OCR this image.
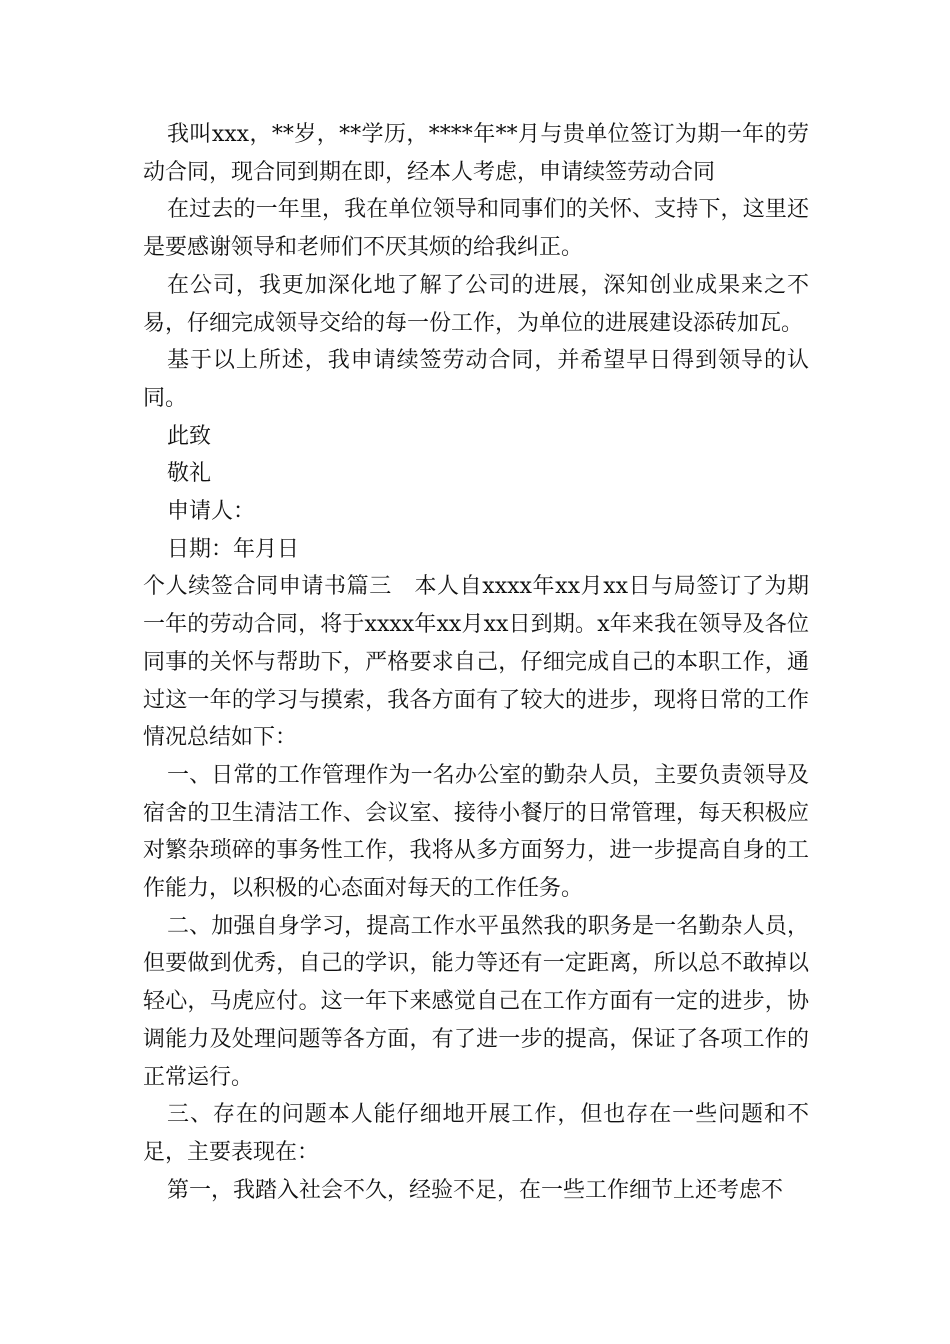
我叫xxx，**岁，**学历，****年**月与贵单位签订为期一年的劳动合同，现合同到期在即，经本人考虑，申请续签劳动合同

在过去的一年里，我在单位领导和同事们的关怀、支持下，这里还是要感谢领导和老师们不厌其烦的给我纠正。

在公司，我更加深化地了解了公司的进展，深知创业成果来之不易，仔细完成领导交给的每一份工作，为单位的进展建设添砖加瓦。

基于以上所述，我申请续签劳动合同，并希望早日得到领导的认同。

此致

敬礼

申请人：

日期：年月日

个人续签合同申请书篇三　本人自xxxx年xx月xx日与局签订了为期一年的劳动合同，将于xxxx年xx月xx日到期。x年来我在领导及各位同事的关怀与帮助下，严格要求自己，仔细完成自己的本职工作，通过这一年的学习与摸索，我各方面有了较大的进步，现将日常的工作情况总结如下：

一、日常的工作管理作为一名办公室的勤杂人员，主要负责领导及宿舍的卫生清洁工作、会议室、接待小餐厅的日常管理，每天积极应对繁杂琐碎的事务性工作，我将从多方面努力，进一步提高自身的工作能力，以积极的心态面对每天的工作任务。

二、加强自身学习，提高工作水平虽然我的职务是一名勤杂人员，但要做到优秀，自己的学识，能力等还有一定距离，所以总不敢掉以轻心，马虎应付。这一年下来感觉自己在工作方面有一定的进步，协调能力及处理问题等各方面，有了进一步的提高，保证了各项工作的正常运行。

三、存在的问题本人能仔细地开展工作，但也存在一些问题和不足，主要表现在：

第一，我踏入社会不久，经验不足，在一些工作细节上还考虑不
